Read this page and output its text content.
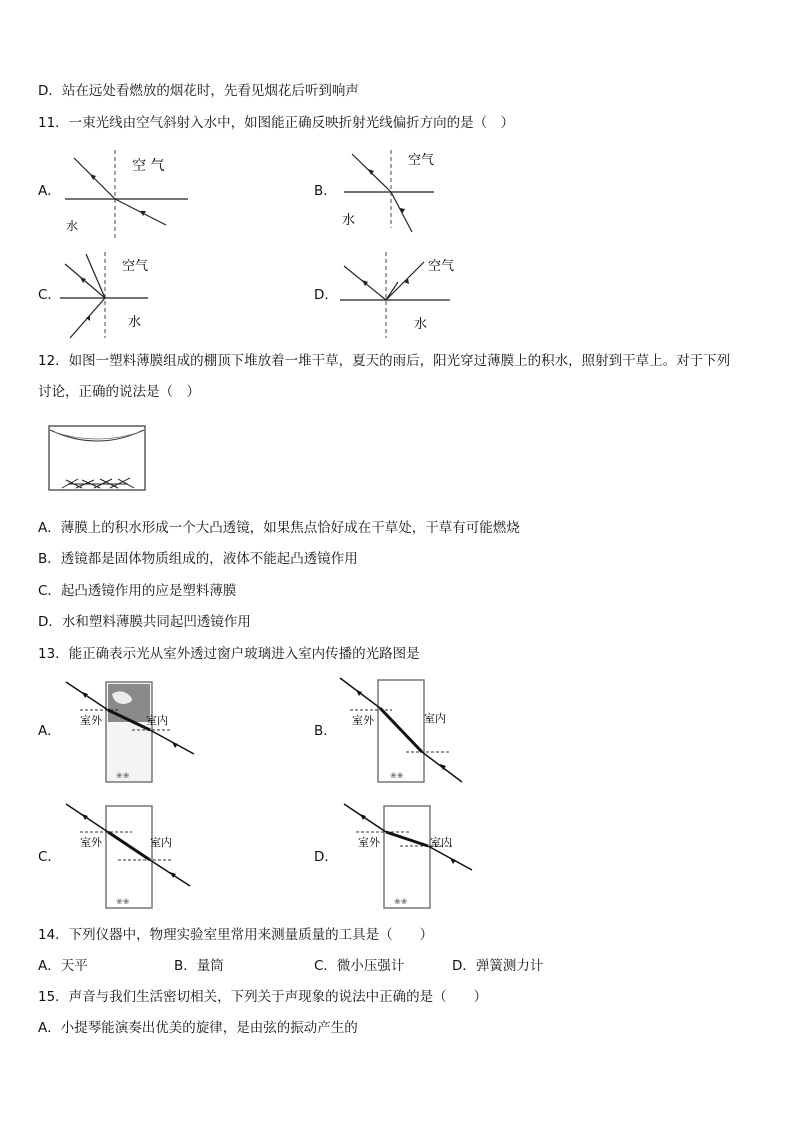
D．站在远处看燃放的烟花时，先看见烟花后听到响声
11．一束光线由空气斜射入水中，如图能正确反映折射光线偏折方向的是（　）
A．
空 气
水
B．
空气
水
C．
空气
水
D．
空气
水
12．如图一塑料薄膜组成的棚顶下堆放着一堆干草，夏天的雨后，阳光穿过薄膜上的积水，照射到干草上。对于下列
讨论，正确的说法是（　）
A．薄膜上的积水形成一个大凸透镜，如果焦点恰好成在干草处，干草有可能燃烧
B．透镜都是固体物质组成的，液体不能起凸透镜作用
C．起凸透镜作用的应是塑料薄膜
D．水和塑料薄膜共同起凹透镜作用
13．能正确表示光从室外透过窗户玻璃进入室内传播的光路图是
A．
室外	室内
❀❀
B．
室外	室内
❀❀
C．
室外	室内
❀❀
D．
室外	室内
❀❀
14．下列仪器中，物理实验室里常用来测量质量的工具是（　　）
A．天平	B．量筒	C．微小压强计	D．弹簧测力计
15．声音与我们生活密切相关，下列关于声现象的说法中正确的是（　　）
A．小提琴能演奏出优美的旋律，是由弦的振动产生的
